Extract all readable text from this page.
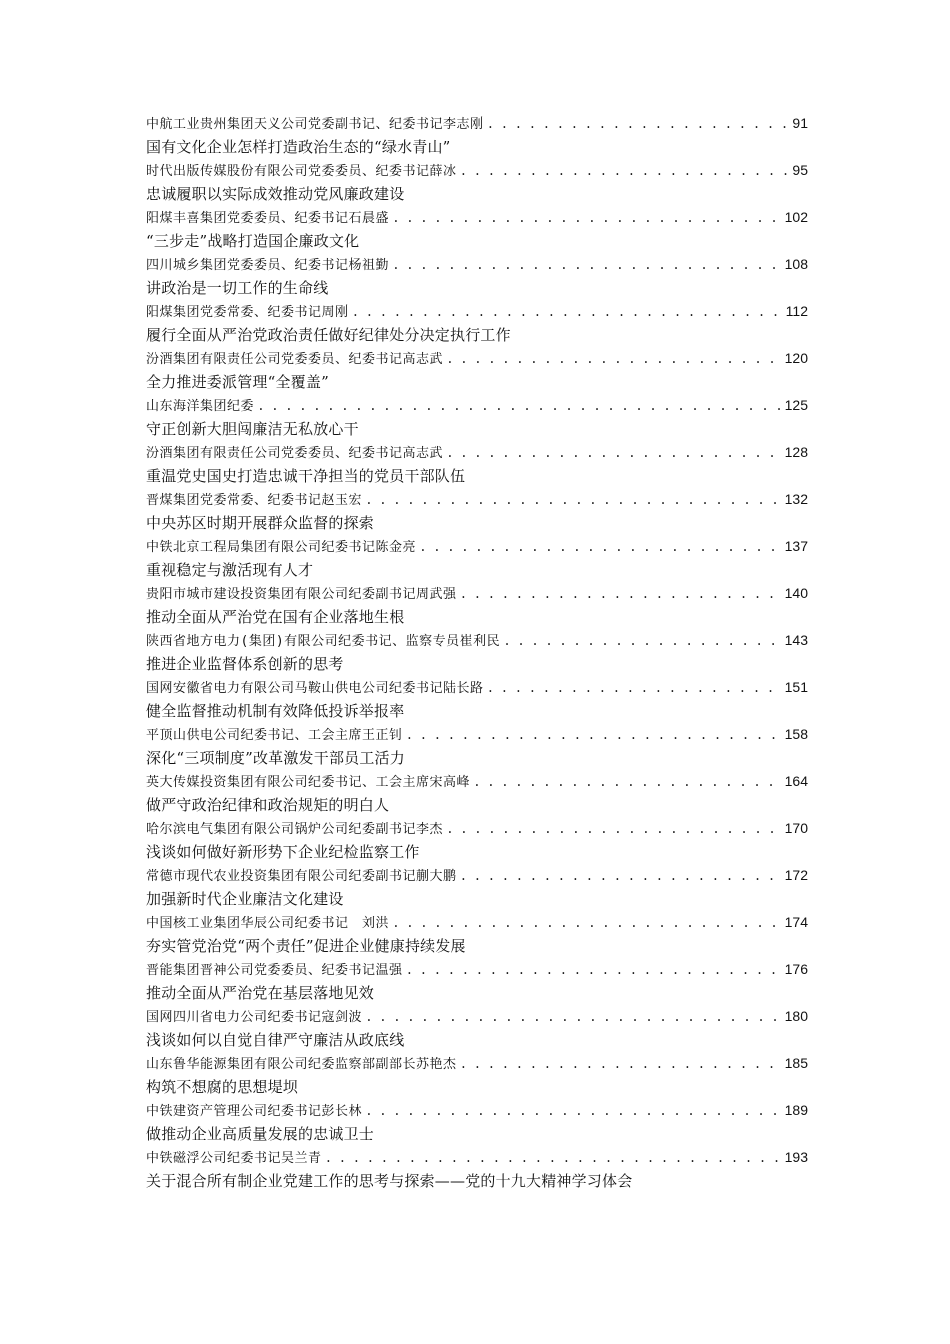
中航工业贵州集团天义公司党委副书记、纪委书记李志刚 . . .	91
国有文化企业怎样打造政治生态的“绿水青山”
时代出版传媒股份有限公司党委委员、纪委书记薛冰 . . .	95
忠诚履职以实际成效推动党风廉政建设
阳煤丰喜集团党委委员、纪委书记石晨盛 . . .	102
“三步走”战略打造国企廉政文化
四川城乡集团党委委员、纪委书记杨祖勤 . . .	108
讲政治是一切工作的生命线
阳煤集团党委常委、纪委书记周刚 . . .	112
履行全面从严治党政治责任做好纪律处分决定执行工作
汾酒集团有限责任公司党委委员、纪委书记高志武 . . .	120
全力推进委派管理“全覆盖”
山东海洋集团纪委 . . .	125
守正创新大胆闯廉洁无私放心干
汾酒集团有限责任公司党委委员、纪委书记高志武 . . .	128
重温党史国史打造忠诚干净担当的党员干部队伍
晋煤集团党委常委、纪委书记赵玉宏 . . .	132
中央苏区时期开展群众监督的探索
中铁北京工程局集团有限公司纪委书记陈金亮 . . .	137
重视稳定与激活现有人才
贵阳市城市建设投资集团有限公司纪委副书记周武强 . . .	140
推动全面从严治党在国有企业落地生根
陕西省地方电力(集团)有限公司纪委书记、监察专员崔利民 . . .	143
推进企业监督体系创新的思考
国网安徽省电力有限公司马鞍山供电公司纪委书记陆长路 . . .	151
健全监督推动机制有效降低投诉举报率
平顶山供电公司纪委书记、工会主席王正钊 . . .	158
深化“三项制度”改革激发干部员工活力
英大传媒投资集团有限公司纪委书记、工会主席宋高峰 . . .	164
做严守政治纪律和政治规矩的明白人
哈尔滨电气集团有限公司锅炉公司纪委副书记李杰 . . .	170
浅谈如何做好新形势下企业纪检监察工作
常德市现代农业投资集团有限公司纪委副书记蒯大鹏 . . .	172
加强新时代企业廉洁文化建设
中国核工业集团华辰公司纪委书记　刘洪 . . .	174
夯实管党治党“两个责任”促进企业健康持续发展
晋能集团晋神公司党委委员、纪委书记温强 . . .	176
推动全面从严治党在基层落地见效
国网四川省电力公司纪委书记寇剑波 . . .	180
浅谈如何以自觉自律严守廉洁从政底线
山东鲁华能源集团有限公司纪委监察部副部长苏艳杰 . . .	185
构筑不想腐的思想堤坝
中铁建资产管理公司纪委书记彭长林 . . .	189
做推动企业高质量发展的忠诚卫士
中铁磁浮公司纪委书记吴兰青 . . .	193
关于混合所有制企业党建工作的思考与探索——党的十九大精神学习体会
